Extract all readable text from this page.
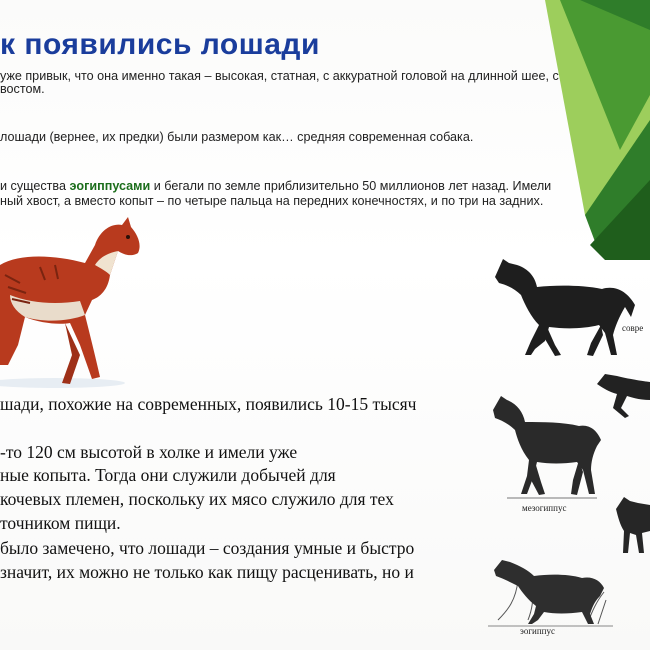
к появились лошади
уже привык, что она именно такая – высокая, статная, с аккуратной головой на длинной шее, с
востом.
лошади (вернее, их предки) были размером как… средняя современная собака.
и существа эогиппусами и бегали по земле приблизительно 50 миллионов лет назад. Имели
ный хвост, а вместо копыт – по четыре пальца на передних конечностях, и по три на задних.
совре
мезогиппус
эогиппус
шади, похожие на современных, появились 10-15 тысяч
-то 120 см высотой в холке и имели уже
ные копыта. Тогда они служили добычей для
кочевых племен, поскольку их мясо служило для тех
точником пищи.
было замечено, что лошади – создания умные и быстро
значит, их можно не только как пищу расценивать, но и
